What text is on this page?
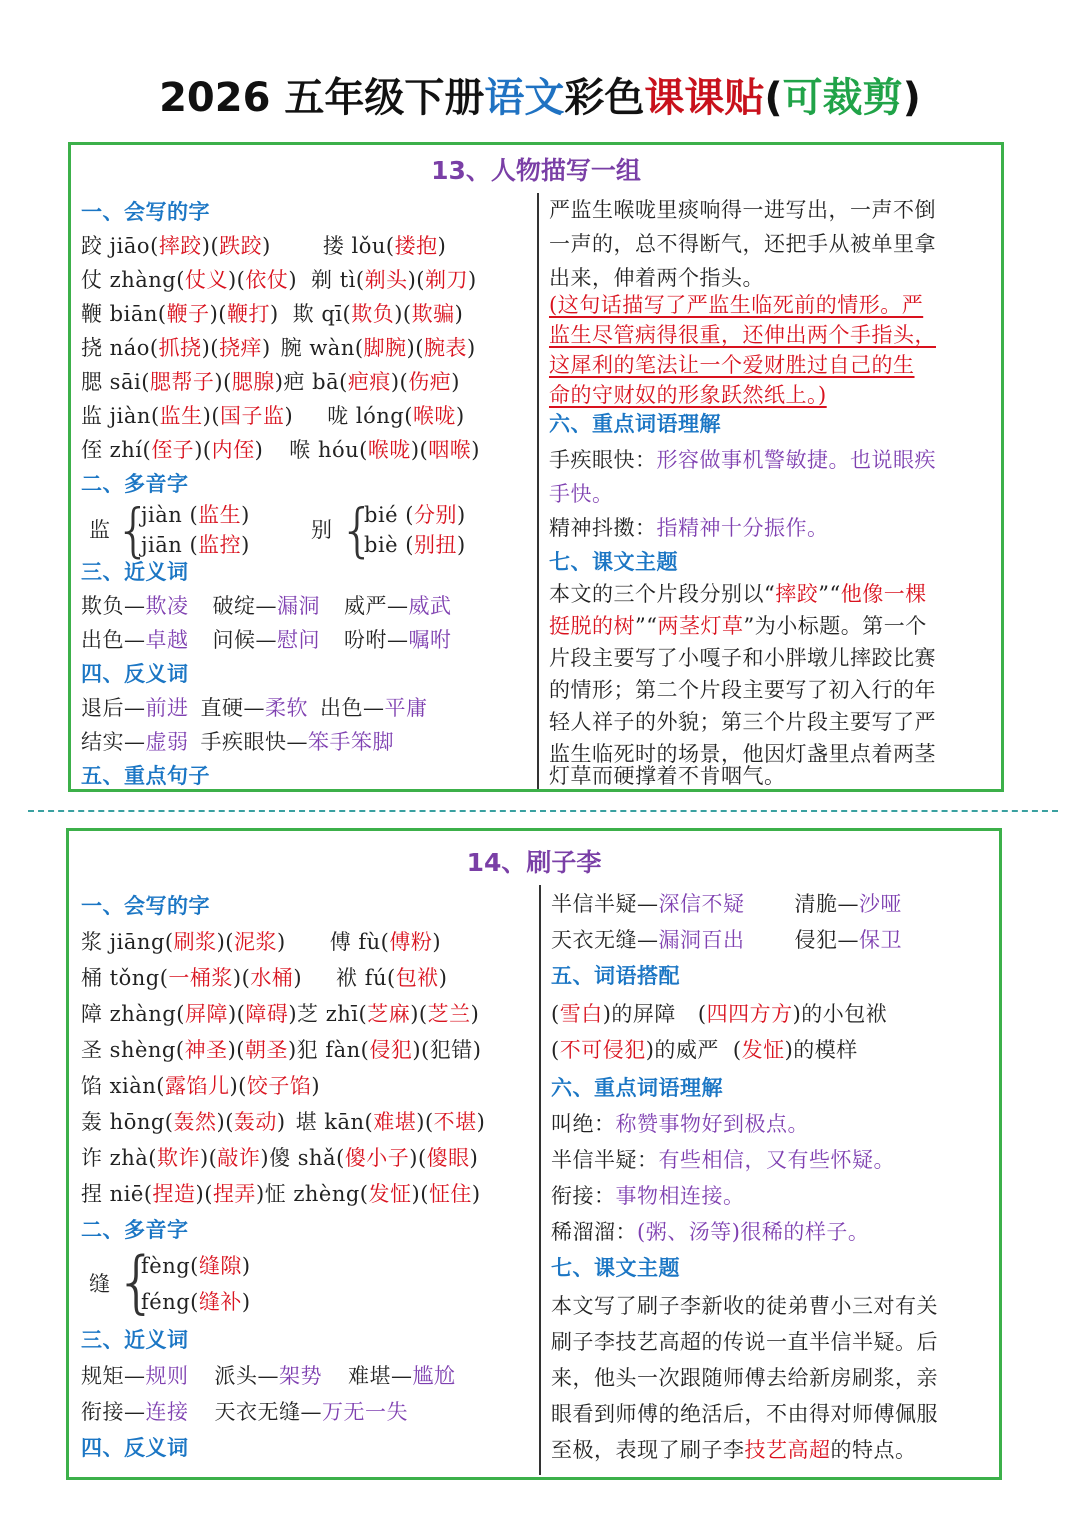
2026 五年级下册语文彩色课课贴(可裁剪)
13、人物描写一组
一、会写的字
跤 jiāo(摔跤)(跌跤) 搂 lǒu(搂抱)
仗 zhàng(仗义)(依仗) 剃 tì(剃头)(剃刀)
鞭 biān(鞭子)(鞭打) 欺 qī(欺负)(欺骗)
挠 náo(抓挠)(挠痒) 腕 wàn(脚腕)(腕表)
腮 sāi(腮帮子)(腮腺)疤 bā(疤痕)(伤疤)
监 jiàn(监生)(国子监) 咙 lóng(喉咙)
侄 zhí(侄子)(内侄) 喉 hóu(喉咙)(咽喉)
二、多音字
监 {
jiàn (监生)
jiān (监控)
别 {
bié (分别)
biè (别扭)
三、近义词
欺负—欺凌 破绽—漏洞 威严—威武
出色—卓越 问候—慰问 吩咐—嘱咐
四、反义词
退后—前进 直硬—柔软 出色—平庸
结实—虚弱 手疾眼快—笨手笨脚
五、重点句子
严监生喉咙里痰响得一进写出，一声不倒
一声的，总不得断气，还把手从被单里拿
出来，伸着两个指头。
(这句话描写了严监生临死前的情形。严
监生尽管病得很重，还伸出两个手指头，
这犀利的笔法让一个爱财胜过自己的生
命的守财奴的形象跃然纸上。)
六、重点词语理解
手疾眼快：形容做事机警敏捷。也说眼疾
手快。
精神抖擞：指精神十分振作。
七、课文主题
本文的三个片段分别以“摔跤”“他像一棵
挺脱的树”“两茎灯草”为小标题。第一个
片段主要写了小嘎子和小胖墩儿摔跤比赛
的情形；第二个片段主要写了初入行的年
轻人祥子的外貌；第三个片段主要写了严
监生临死时的场景，他因灯盏里点着两茎
灯草而硬撑着不肯咽气。
14、刷子李
一、会写的字
浆 jiāng(刷浆)(泥浆) 傅 fù(傅粉)
桶 tǒng(一桶浆)(水桶) 袱 fú(包袱)
障 zhàng(屏障)(障碍)芝 zhī(芝麻)(芝兰)
圣 shèng(神圣)(朝圣)犯 fàn(侵犯)(犯错)
馅 xiàn(露馅儿)(饺子馅)
轰 hōng(轰然)(轰动) 堪 kān(难堪)(不堪)
诈 zhà(欺诈)(敲诈)傻 shǎ(傻小子)(傻眼)
捏 niē(捏造)(捏弄)怔 zhèng(发怔)(怔住)
二、多音字
缝 {
fèng(缝隙)
féng(缝补)
三、近义词
规矩—规则 派头—架势 难堪—尴尬
衔接—连接 天衣无缝—万无一失
四、反义词
半信半疑—深信不疑 清脆—沙哑
天衣无缝—漏洞百出 侵犯—保卫
五、词语搭配
(雪白)的屏障 (四四方方)的小包袱
(不可侵犯)的威严 (发怔)的模样
六、重点词语理解
叫绝：称赞事物好到极点。
半信半疑：有些相信，又有些怀疑。
衔接：事物相连接。
稀溜溜：(粥、汤等)很稀的样子。
七、课文主题
本文写了刷子李新收的徒弟曹小三对有关
刷子李技艺高超的传说一直半信半疑。后
来，他头一次跟随师傅去给新房刷浆，亲
眼看到师傅的绝活后，不由得对师傅佩服
至极，表现了刷子李技艺高超的特点。
